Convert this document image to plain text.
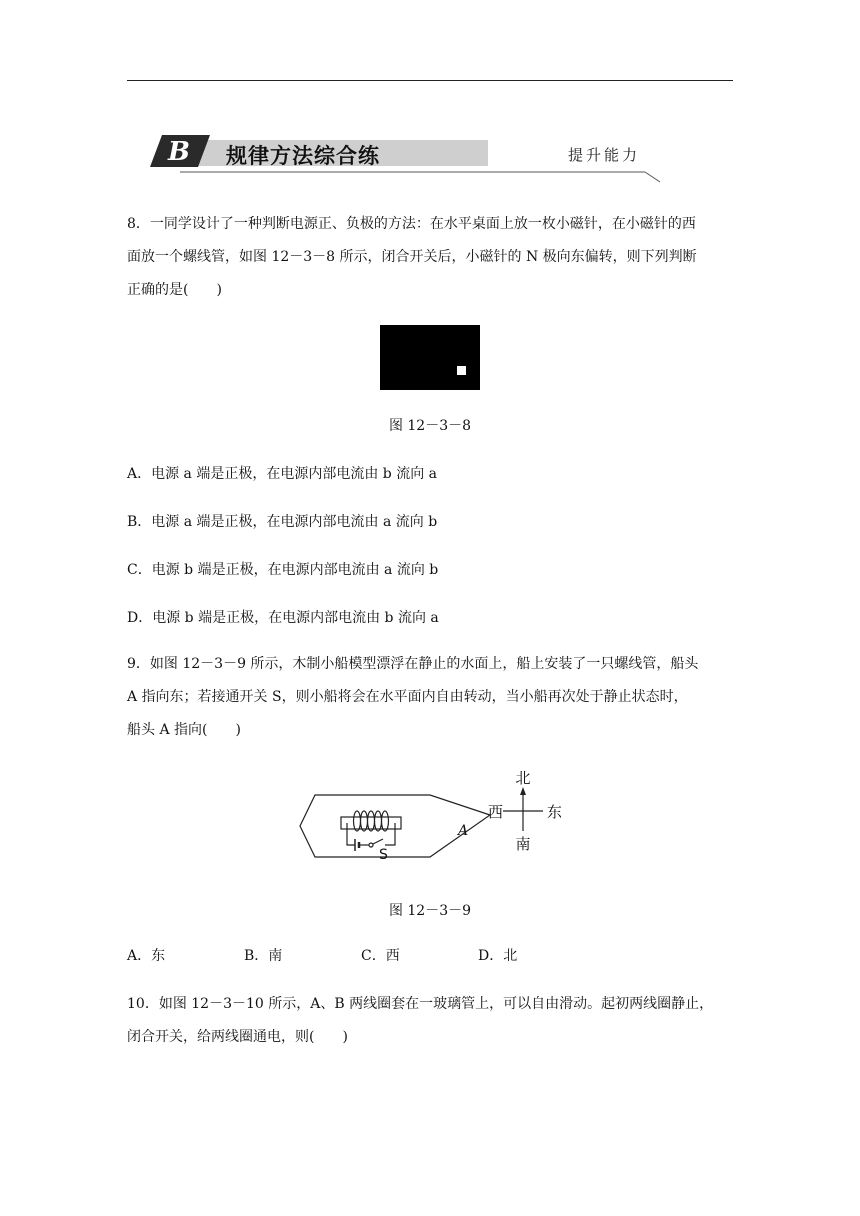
B 规律方法综合练	提升能力
8．一同学设计了一种判断电源正、负极的方法：在水平桌面上放一枚小磁针，在小磁针的西
面放一个螺线管，如图 12－3－8 所示，闭合开关后，小磁针的 N 极向东偏转，则下列判断
正确的是(　　)
图 12－3－8
A．电源 a 端是正极，在电源内部电流由 b 流向 a
B．电源 a 端是正极，在电源内部电流由 a 流向 b
C．电源 b 端是正极，在电源内部电流由 a 流向 b
D．电源 b 端是正极，在电源内部电流由 b 流向 a
9．如图 12－3－9 所示，木制小船模型漂浮在静止的水面上，船上安装了一只螺线管，船头
A 指向东；若接通开关 S，则小船将会在水平面内自由转动，当小船再次处于静止状态时，
船头 A 指向(　　)
S
A
北
南
西	东
图 12－3－9
A．东	B．南	C．西	D．北
10．如图 12－3－10 所示，A、B 两线圈套在一玻璃管上，可以自由滑动。起初两线圈静止，
闭合开关，给两线圈通电，则(　　)
